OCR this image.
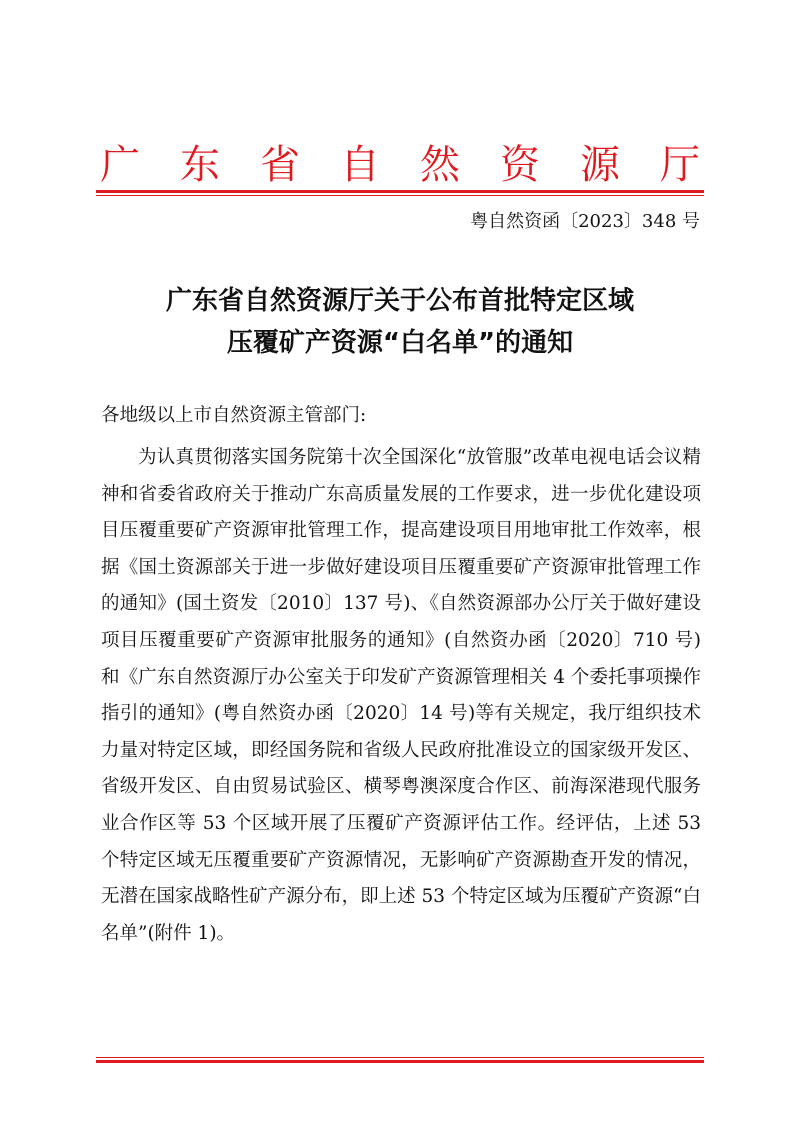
广 东 省 自 然 资 源 厅
粤自然资函〔2023〕348 号
广东省自然资源厅关于公布首批特定区域
压覆矿产资源“白名单”的通知
各地级以上市自然资源主管部门:
为认真贯彻落实国务院第十次全国深化“放管服”改革电视电话会议精神和省委省政府关于推动广东高质量发展的工作要求，进一步优化建设项目压覆重要矿产资源审批管理工作，提高建设项目用地审批工作效率，根据《国土资源部关于进一步做好建设项目压覆重要矿产资源审批管理工作的通知》(国土资发〔2010〕137 号)、《自然资源部办公厅关于做好建设项目压覆重要矿产资源审批服务的通知》(自然资办函〔2020〕710 号)和《广东自然资源厅办公室关于印发矿产资源管理相关 4 个委托事项操作指引的通知》(粤自然资办函〔2020〕14 号)等有关规定，我厅组织技术力量对特定区域，即经国务院和省级人民政府批准设立的国家级开发区、省级开发区、自由贸易试验区、横琴粤澳深度合作区、前海深港现代服务业合作区等 53 个区域开展了压覆矿产资源评估工作。经评估，上述 53 个特定区域无压覆重要矿产资源情况，无影响矿产资源勘查开发的情况，无潜在国家战略性矿产源分布，即上述 53 个特定区域为压覆矿产资源“白名单”(附件 1)。
